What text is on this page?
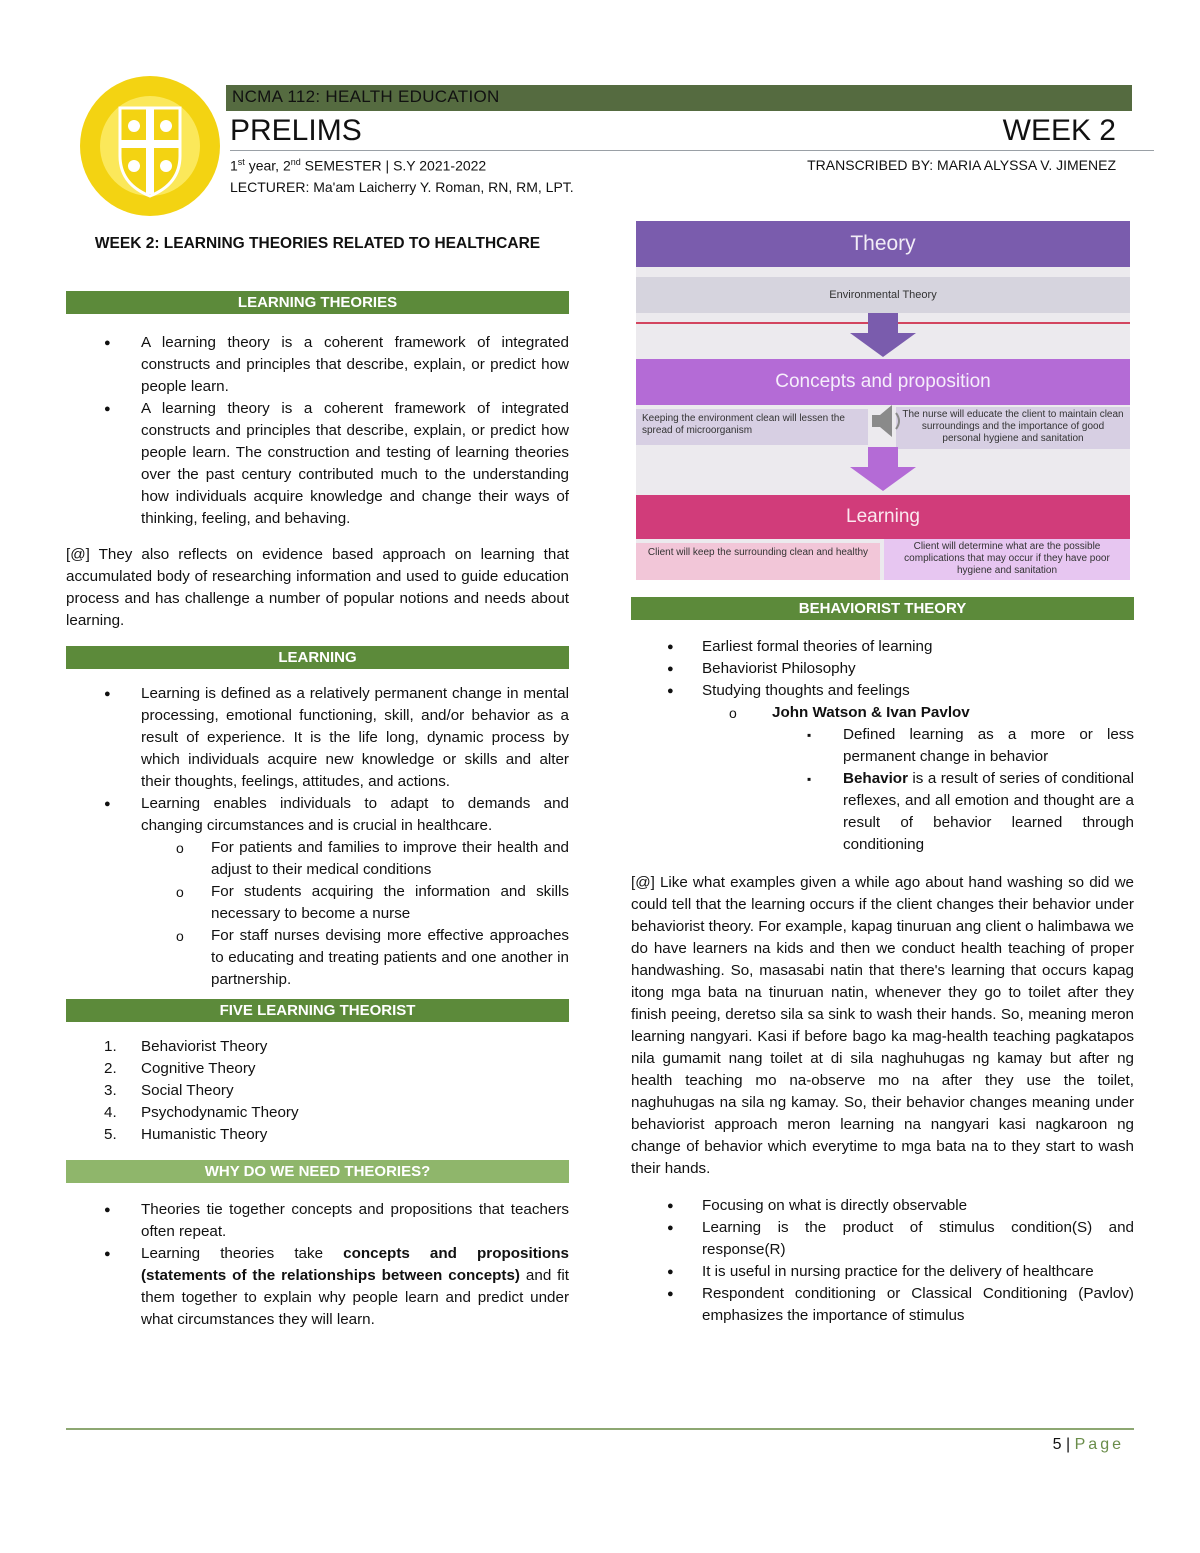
NCMA 112: HEALTH EDUCATION
PRELIMS	WEEK 2
1st year, 2nd SEMESTER | S.Y 2021-2022	TRANSCRIBED BY: MARIA ALYSSA V. JIMENEZ
LECTURER: Ma'am Laicherry Y. Roman, RN, RM, LPT.
WEEK 2: LEARNING THEORIES RELATED TO HEALTHCARE
LEARNING THEORIES
● A learning theory is a coherent framework of integrated constructs and principles that describe, explain, or predict how people learn.
● A learning theory is a coherent framework of integrated constructs and principles that describe, explain, or predict how people learn. The construction and testing of learning theories over the past century contributed much to the understanding how individuals acquire knowledge and change their ways of thinking, feeling, and behaving.

[@] They also reflects on evidence based approach on learning that accumulated body of researching information and used to guide education process and has challenge a number of popular notions and needs about learning.

LEARNING
● Learning is defined as a relatively permanent change in mental processing, emotional functioning, skill, and/or behavior as a result of experience. It is the life long, dynamic process by which individuals acquire new knowledge or skills and alter their thoughts, feelings, attitudes, and actions.
● Learning enables individuals to adapt to demands and changing circumstances and is crucial in healthcare.
o For patients and families to improve their health and adjust to their medical conditions
o For students acquiring the information and skills necessary to become a nurse
o For staff nurses devising more effective approaches to educating and treating patients and one another in partnership.
FIVE LEARNING THEORIST
1. Behaviorist Theory
2. Cognitive Theory
3. Social Theory
4. Psychodynamic Theory
5. Humanistic Theory
WHY DO WE NEED THEORIES?
● Theories tie together concepts and propositions that teachers often repeat.
● Learning theories take concepts and propositions (statements of the relationships between concepts) and fit them together to explain why people learn and predict under what circumstances they will learn.
Theory
Environmental Theory
Concepts and proposition
Keeping the environment clean will lessen the spread of microorganism
The nurse will educate the client to maintain clean surroundings and the importance of good personal hygiene and sanitation
Learning
Client will keep the surrounding clean and healthy
Client will determine what are the possible complications that may occur if they have poor hygiene and sanitation
BEHAVIORIST THEORY
● Earliest formal theories of learning
● Behaviorist Philosophy
● Studying thoughts and feelings
o John Watson & Ivan Pavlov
▪ Defined learning as a more or less permanent change in behavior
▪ Behavior is a result of series of conditional reflexes, and all emotion and thought are a result of behavior learned through conditioning

[@] Like what examples given a while ago about hand washing so did we could tell that the learning occurs if the client changes their behavior under behaviorist theory. For example, kapag tinuruan ang client o halimbawa we do have learners na kids and then we conduct health teaching of proper handwashing. So, masasabi natin that there's learning that occurs kapag itong mga bata na tinuruan natin, whenever they go to toilet after they finish peeing, deretso sila sa sink to wash their hands. So, meaning meron learning nangyari. Kasi if before bago ka mag-health teaching pagkatapos nila gumamit nang toilet at di sila naghuhugas ng kamay but after ng health teaching mo na-observe mo na after they use the toilet, naghuhugas na sila ng kamay. So, their behavior changes meaning under behaviorist approach meron learning na nangyari kasi nagkaroon ng change of behavior which everytime to mga bata na to they start to wash their hands.

● Focusing on what is directly observable
● Learning is the product of stimulus condition(S) and response(R)
● It is useful in nursing practice for the delivery of healthcare
● Respondent conditioning or Classical Conditioning (Pavlov) emphasizes the importance of stimulus
5 | Page
